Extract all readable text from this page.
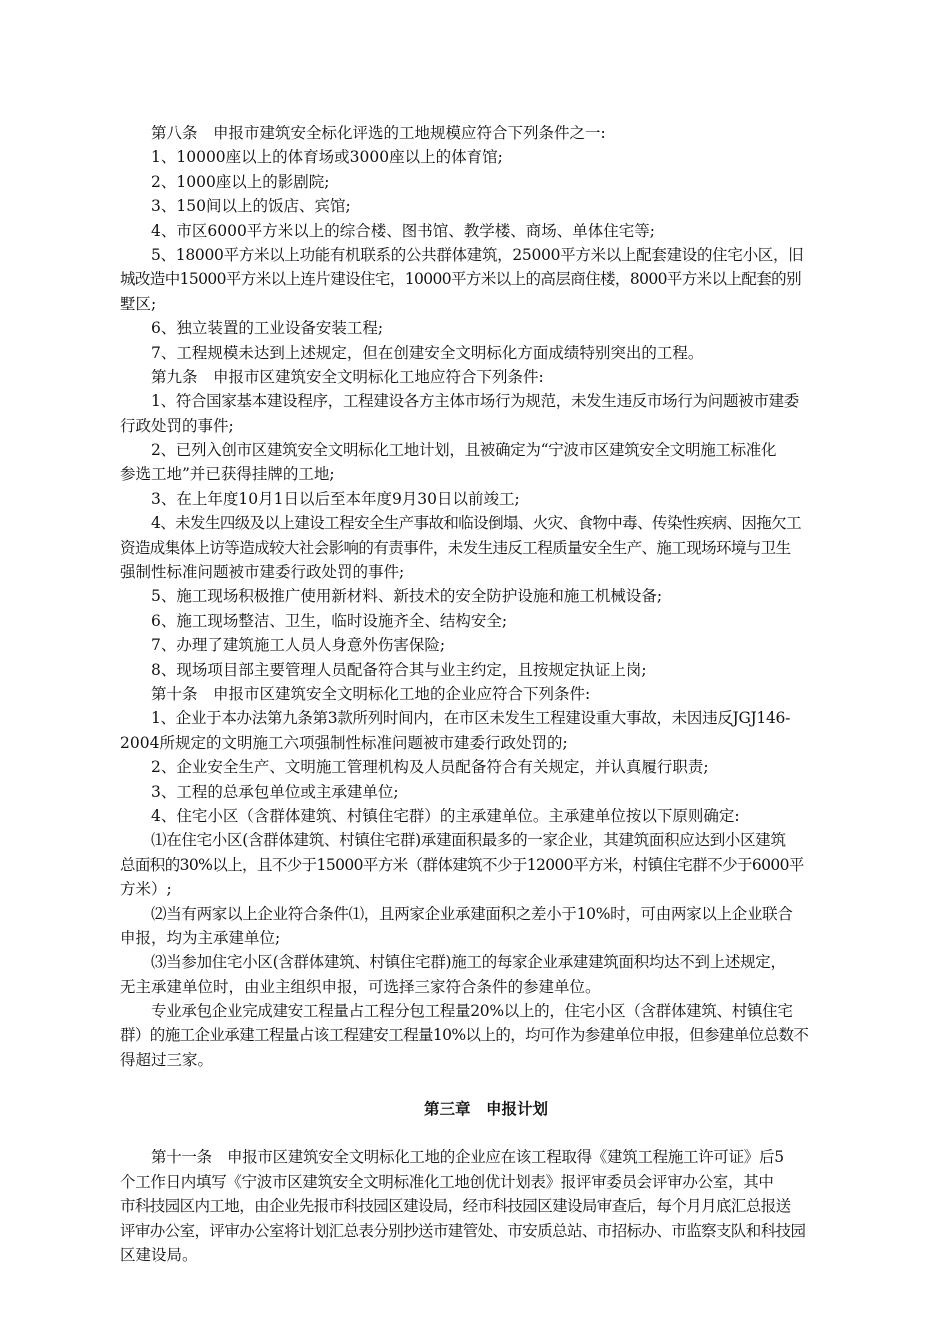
第八条　申报市建筑安全标化评选的工地规模应符合下列条件之一:
1、10000座以上的体育场或3000座以上的体育馆;
2、1000座以上的影剧院;
3、150间以上的饭店、宾馆;
4、市区6000平方米以上的综合楼、图书馆、教学楼、商场、单体住宅等;
5、18000平方米以上功能有机联系的公共群体建筑，25000平方米以上配套建设的住宅小区，旧
城改造中15000平方米以上连片建设住宅，10000平方米以上的高层商住楼，8000平方米以上配套的别
墅区;
6、独立装置的工业设备安装工程;
7、工程规模未达到上述规定，但在创建安全文明标化方面成绩特别突出的工程。
第九条　申报市区建筑安全文明标化工地应符合下列条件:
1、符合国家基本建设程序，工程建设各方主体市场行为规范，未发生违反市场行为问题被市建委
行政处罚的事件;
2、已列入创市区建筑安全文明标化工地计划，且被确定为“宁波市区建筑安全文明施工标准化
参选工地”并已获得挂牌的工地;
3、在上年度10月1日以后至本年度9月30日以前竣工;
4、未发生四级及以上建设工程安全生产事故和临设倒塌、火灾、食物中毒、传染性疾病、因拖欠工
资造成集体上访等造成较大社会影响的有责事件，未发生违反工程质量安全生产、施工现场环境与卫生
强制性标准问题被市建委行政处罚的事件;
5、施工现场积极推广使用新材料、新技术的安全防护设施和施工机械设备;
6、施工现场整洁、卫生，临时设施齐全、结构安全;
7、办理了建筑施工人员人身意外伤害保险;
8、现场项目部主要管理人员配备符合其与业主约定，且按规定执证上岗;
第十条　申报市区建筑安全文明标化工地的企业应符合下列条件:
1、企业于本办法第九条第3款所列时间内，在市区未发生工程建设重大事故，未因违反JGJ146-
2004所规定的文明施工六项强制性标准问题被市建委行政处罚的;
2、企业安全生产、文明施工管理机构及人员配备符合有关规定，并认真履行职责;
3、工程的总承包单位或主承建单位;
4、住宅小区（含群体建筑、村镇住宅群）的主承建单位。主承建单位按以下原则确定:
⑴在住宅小区(含群体建筑、村镇住宅群)承建面积最多的一家企业，其建筑面积应达到小区建筑
总面积的30%以上，且不少于15000平方米（群体建筑不少于12000平方米，村镇住宅群不少于6000平
方米）;
⑵当有两家以上企业符合条件⑴，且两家企业承建面积之差小于10%时，可由两家以上企业联合
申报，均为主承建单位;
⑶当参加住宅小区(含群体建筑、村镇住宅群)施工的每家企业承建建筑面积均达不到上述规定，
无主承建单位时，由业主组织申报，可选择三家符合条件的参建单位。
专业承包企业完成建安工程量占工程分包工程量20%以上的，住宅小区（含群体建筑、村镇住宅
群）的施工企业承建工程量占该工程建安工程量10%以上的，均可作为参建单位申报，但参建单位总数不
得超过三家。
第三章　申报计划
第十一条　申报市区建筑安全文明标化工地的企业应在该工程取得《建筑工程施工许可证》后5
个工作日内填写《宁波市区建筑安全文明标准化工地创优计划表》报评审委员会评审办公室，其中
市科技园区内工地，由企业先报市科技园区建设局，经市科技园区建设局审查后，每个月月底汇总报送
评审办公室，评审办公室将计划汇总表分别抄送市建管处、市安质总站、市招标办、市监察支队和科技园
区建设局。
